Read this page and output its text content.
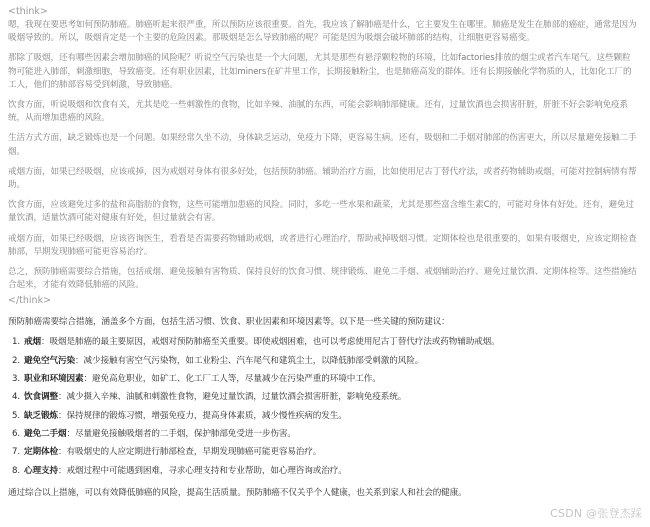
<think>

嗯，我现在要思考如何预防肺癌。肺癌听起来很严重，所以预防应该很重要。首先，我应该了解肺癌是什么，它主要发生在哪里。肺癌是发生在肺部的癌症，通常是因为吸烟导致的。所以，吸烟肯定是一个主要的危险因素。那吸烟是怎么导致肺癌的呢？可能是因为吸烟会破坏肺部的结构，让细胞更容易癌变。

那除了吸烟，还有哪些因素会增加肺癌的风险呢？听说空气污染也是一个大问题，尤其是那些有悬浮颗粒物的环境，比如factories排放的烟尘或者汽车尾气。这些颗粒物可能进入肺部，刺激细胞，导致癌变。还有职业因素，比如miners在矿井里工作，长期接触粉尘，也是肺癌高发的群体。还有长期接触化学物质的人，比如化工厂的工人，他们的肺部容易受到刺激，导致肺癌。

饮食方面，听说吸烟和饮食有关，尤其是吃一些刺激性的食物，比如辛辣、油腻的东西，可能会影响肺部健康。还有，过量饮酒也会损害肝脏，肝脏不好会影响免疫系统，从而增加患癌的风险。

生活方式方面，缺乏锻炼也是一个问题。如果经常久坐不动，身体缺乏运动，免疫力下降，更容易生病。还有，吸烟和二手烟对肺部的伤害更大，所以尽量避免接触二手烟。

戒烟方面，如果已经吸烟，应该戒掉，因为戒烟对身体有很多好处，包括预防肺癌。辅助治疗方面，比如使用尼古丁替代疗法，或者药物辅助戒烟，可能对控制病情有帮助。

饮食方面，应该避免过多的盐和高脂肪的食物，这些可能增加患癌的风险。同时，多吃一些水果和蔬菜，尤其是那些富含维生素C的，可能对身体有好处。还有，避免过量饮酒，适量饮酒可能对健康有好处，但过量就会有害。

戒烟方面，如果已经吸烟，应该咨询医生，看看是否需要药物辅助戒烟，或者进行心理治疗，帮助戒掉吸烟习惯。定期体检也是很重要的，如果有吸烟史，应该定期检查肺部，早期发现肺癌可能更容易治疗。

总之，预防肺癌需要综合措施，包括戒烟、避免接触有害物质、保持良好的饮食习惯、规律锻炼、避免二手烟、戒烟辅助治疗、避免过量饮酒、定期体检等。这些措施结合起来，才能有效降低肺癌的风险。

</think>

预防肺癌需要综合措施，涵盖多个方面，包括生活习惯、饮食、职业因素和环境因素等。以下是一些关键的预防建议：

1. 戒烟：吸烟是肺癌的最主要原因，戒烟对预防肺癌至关重要。即使戒烟困难，也可以考虑使用尼古丁替代疗法或药物辅助戒烟。
2. 避免空气污染：减少接触有害空气污染物，如工业粉尘、汽车尾气和建筑尘土，以降低肺部受刺激的风险。
3. 职业和环境因素：避免高危职业，如矿工、化工厂工人等，尽量减少在污染严重的环境中工作。
4. 饮食调整：减少摄入辛辣、油腻和刺激性食物，避免过量饮酒，过量饮酒会损害肝脏，影响免疫系统。
5. 缺乏锻炼：保持规律的锻炼习惯，增强免疫力，提高身体素质，减少慢性疾病的发生。
6. 避免二手烟：尽量避免接触吸烟者的二手烟，保护肺部免受进一步伤害。
7. 定期体检：有吸烟史的人应定期进行肺部检查，早期发现肺癌可能更容易治疗。
8. 心理支持：戒烟过程中可能遇到困难，寻求心理支持和专业帮助，如心理咨询或治疗。

通过综合以上措施，可以有效降低肺癌的风险，提高生活质量。预防肺癌不仅关乎个人健康，也关系到家人和社会的健康。

CSDN @张登杰踩
